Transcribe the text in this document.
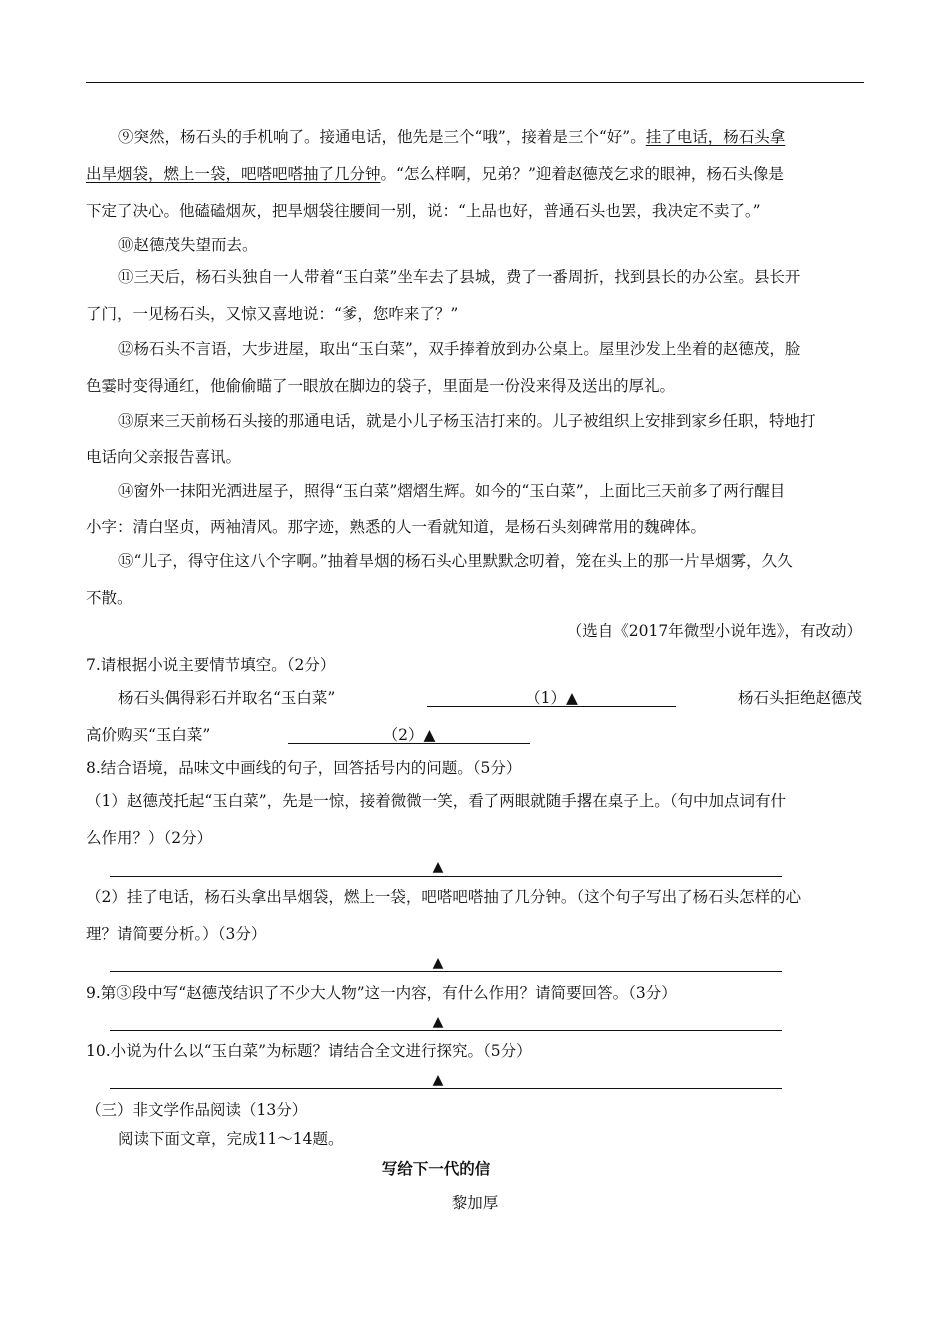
⑨突然，杨石头的手机响了。接通电话，他先是三个“哦”，接着是三个“好”。挂了电话，杨石头拿
出旱烟袋，燃上一袋，吧嗒吧嗒抽了几分钟。“怎么样啊，兄弟？”迎着赵德茂乞求的眼神，杨石头像是
下定了决心。他磕磕烟灰，把旱烟袋往腰间一别，说：“上品也好，普通石头也罢，我决定不卖了。”
⑩赵德茂失望而去。
⑪三天后，杨石头独自一人带着“玉白菜”坐车去了县城，费了一番周折，找到县长的办公室。县长开
了门，一见杨石头，又惊又喜地说：“爹，您咋来了？”
⑫杨石头不言语，大步进屋，取出“玉白菜”，双手捧着放到办公桌上。屋里沙发上坐着的赵德茂，脸
色霎时变得通红，他偷偷瞄了一眼放在脚边的袋子，里面是一份没来得及送出的厚礼。
⑬原来三天前杨石头接的那通电话，就是小儿子杨玉洁打来的。儿子被组织上安排到家乡任职，特地打
电话向父亲报告喜讯。
⑭窗外一抹阳光洒进屋子，照得“玉白菜”熠熠生辉。如今的“玉白菜”，上面比三天前多了两行醒目
小字：清白坚贞，两袖清风。那字迹，熟悉的人一看就知道，是杨石头刻碑常用的魏碑体。
⑮“儿子，得守住这八个字啊。”抽着旱烟的杨石头心里默默念叨着，笼在头上的那一片旱烟雾，久久
不散。
（选自《2017年微型小说年选》，有改动）
7.请根据小说主要情节填空。（2分）
杨石头偶得彩石并取名“玉白菜”	（1）▲	杨石头拒绝赵德茂
高价购买“玉白菜”	（2）▲
8.结合语境，品味文中画线的句子，回答括号内的问题。（5分）
（1）赵德茂托起“玉白菜”，先是一惊，接着微微一笑，看了两眼就随手撂在桌子上。（句中加点词有什
么作用？）（2分）
▲
（2）挂了电话，杨石头拿出旱烟袋，燃上一袋，吧嗒吧嗒抽了几分钟。（这个句子写出了杨石头怎样的心
理？请简要分析。）（3分）
▲
9.第③段中写“赵德茂结识了不少大人物”这一内容，有什么作用？请简要回答。（3分）
▲
10.小说为什么以“玉白菜”为标题？请结合全文进行探究。（5分）
▲
（三）非文学作品阅读（13分）
阅读下面文章，完成11～14题。
写给下一代的信
黎加厚
